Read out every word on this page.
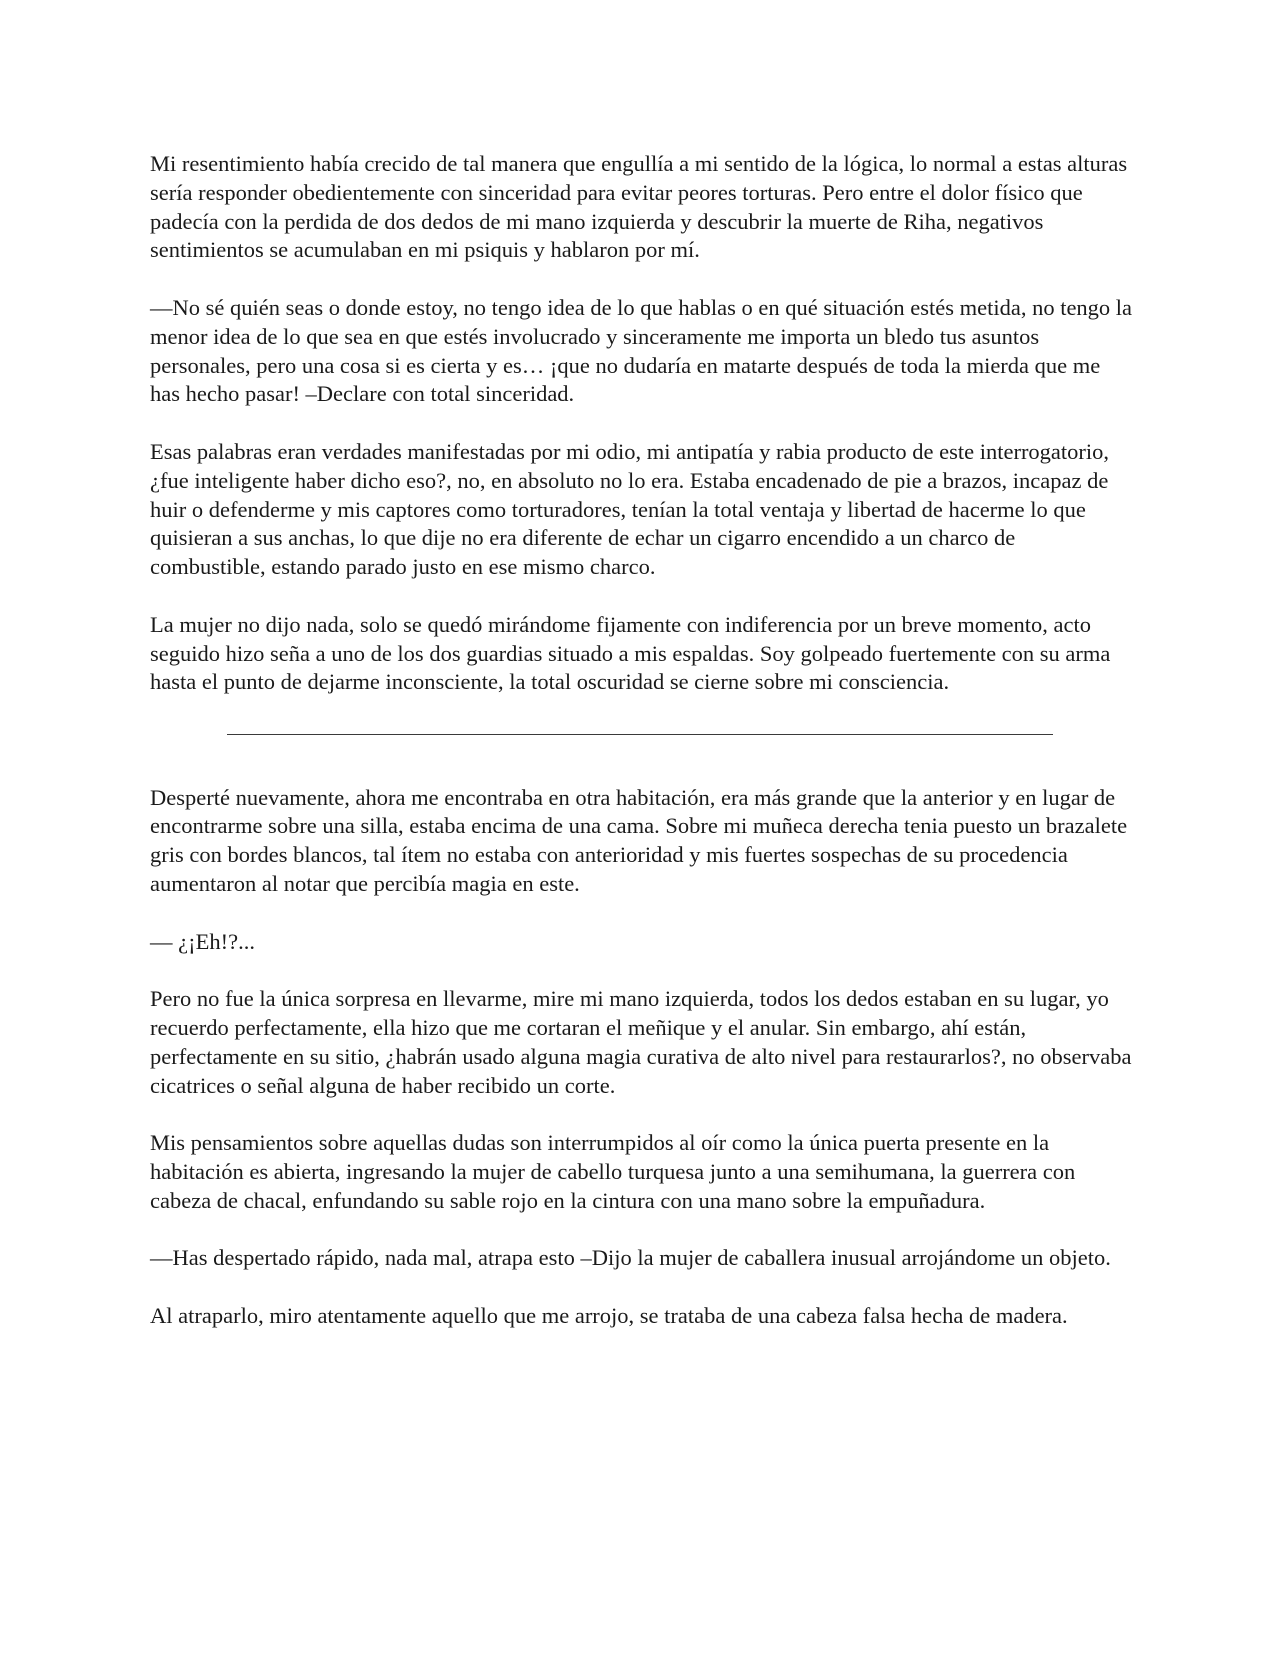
Mi resentimiento había crecido de tal manera que engullía a mi sentido de la lógica, lo normal a estas alturas sería responder obedientemente con sinceridad para evitar peores torturas. Pero entre el dolor físico que padecía con la perdida de dos dedos de mi mano izquierda y descubrir la muerte de Riha, negativos sentimientos se acumulaban en mi psiquis y hablaron por mí.

—No sé quién seas o donde estoy, no tengo idea de lo que hablas o en qué situación estés metida, no tengo la menor idea de lo que sea en que estés involucrado y sinceramente me importa un bledo tus asuntos personales, pero una cosa si es cierta y es… ¡que no dudaría en matarte después de toda la mierda que me has hecho pasar! –Declare con total sinceridad.

Esas palabras eran verdades manifestadas por mi odio, mi antipatía y rabia producto de este interrogatorio, ¿fue inteligente haber dicho eso?, no, en absoluto no lo era. Estaba encadenado de pie a brazos, incapaz de huir o defenderme y mis captores como torturadores, tenían la total ventaja y libertad de hacerme lo que quisieran a sus anchas, lo que dije no era diferente de echar un cigarro encendido a un charco de combustible, estando parado justo en ese mismo charco.

La mujer no dijo nada, solo se quedó mirándome fijamente con indiferencia por un breve momento, acto seguido hizo seña a uno de los dos guardias situado a mis espaldas. Soy golpeado fuertemente con su arma hasta el punto de dejarme inconsciente, la total oscuridad se cierne sobre mi consciencia.

Desperté nuevamente, ahora me encontraba en otra habitación, era más grande que la anterior y en lugar de encontrarme sobre una silla, estaba encima de una cama. Sobre mi muñeca derecha tenia puesto un brazalete gris con bordes blancos, tal ítem no estaba con anterioridad y mis fuertes sospechas de su procedencia aumentaron al notar que percibía magia en este.

— ¿¡Eh!?...

Pero no fue la única sorpresa en llevarme, mire mi mano izquierda, todos los dedos estaban en su lugar, yo recuerdo perfectamente, ella hizo que me cortaran el meñique y el anular. Sin embargo, ahí están, perfectamente en su sitio, ¿habrán usado alguna magia curativa de alto nivel para restaurarlos?, no observaba cicatrices o señal alguna de haber recibido un corte.

Mis pensamientos sobre aquellas dudas son interrumpidos al oír como la única puerta presente en la habitación es abierta, ingresando la mujer de cabello turquesa junto a una semihumana, la guerrera con cabeza de chacal, enfundando su sable rojo en la cintura con una mano sobre la empuñadura.

—Has despertado rápido, nada mal, atrapa esto –Dijo la mujer de caballera inusual arrojándome un objeto.

Al atraparlo, miro atentamente aquello que me arrojo, se trataba de una cabeza falsa hecha de madera.
